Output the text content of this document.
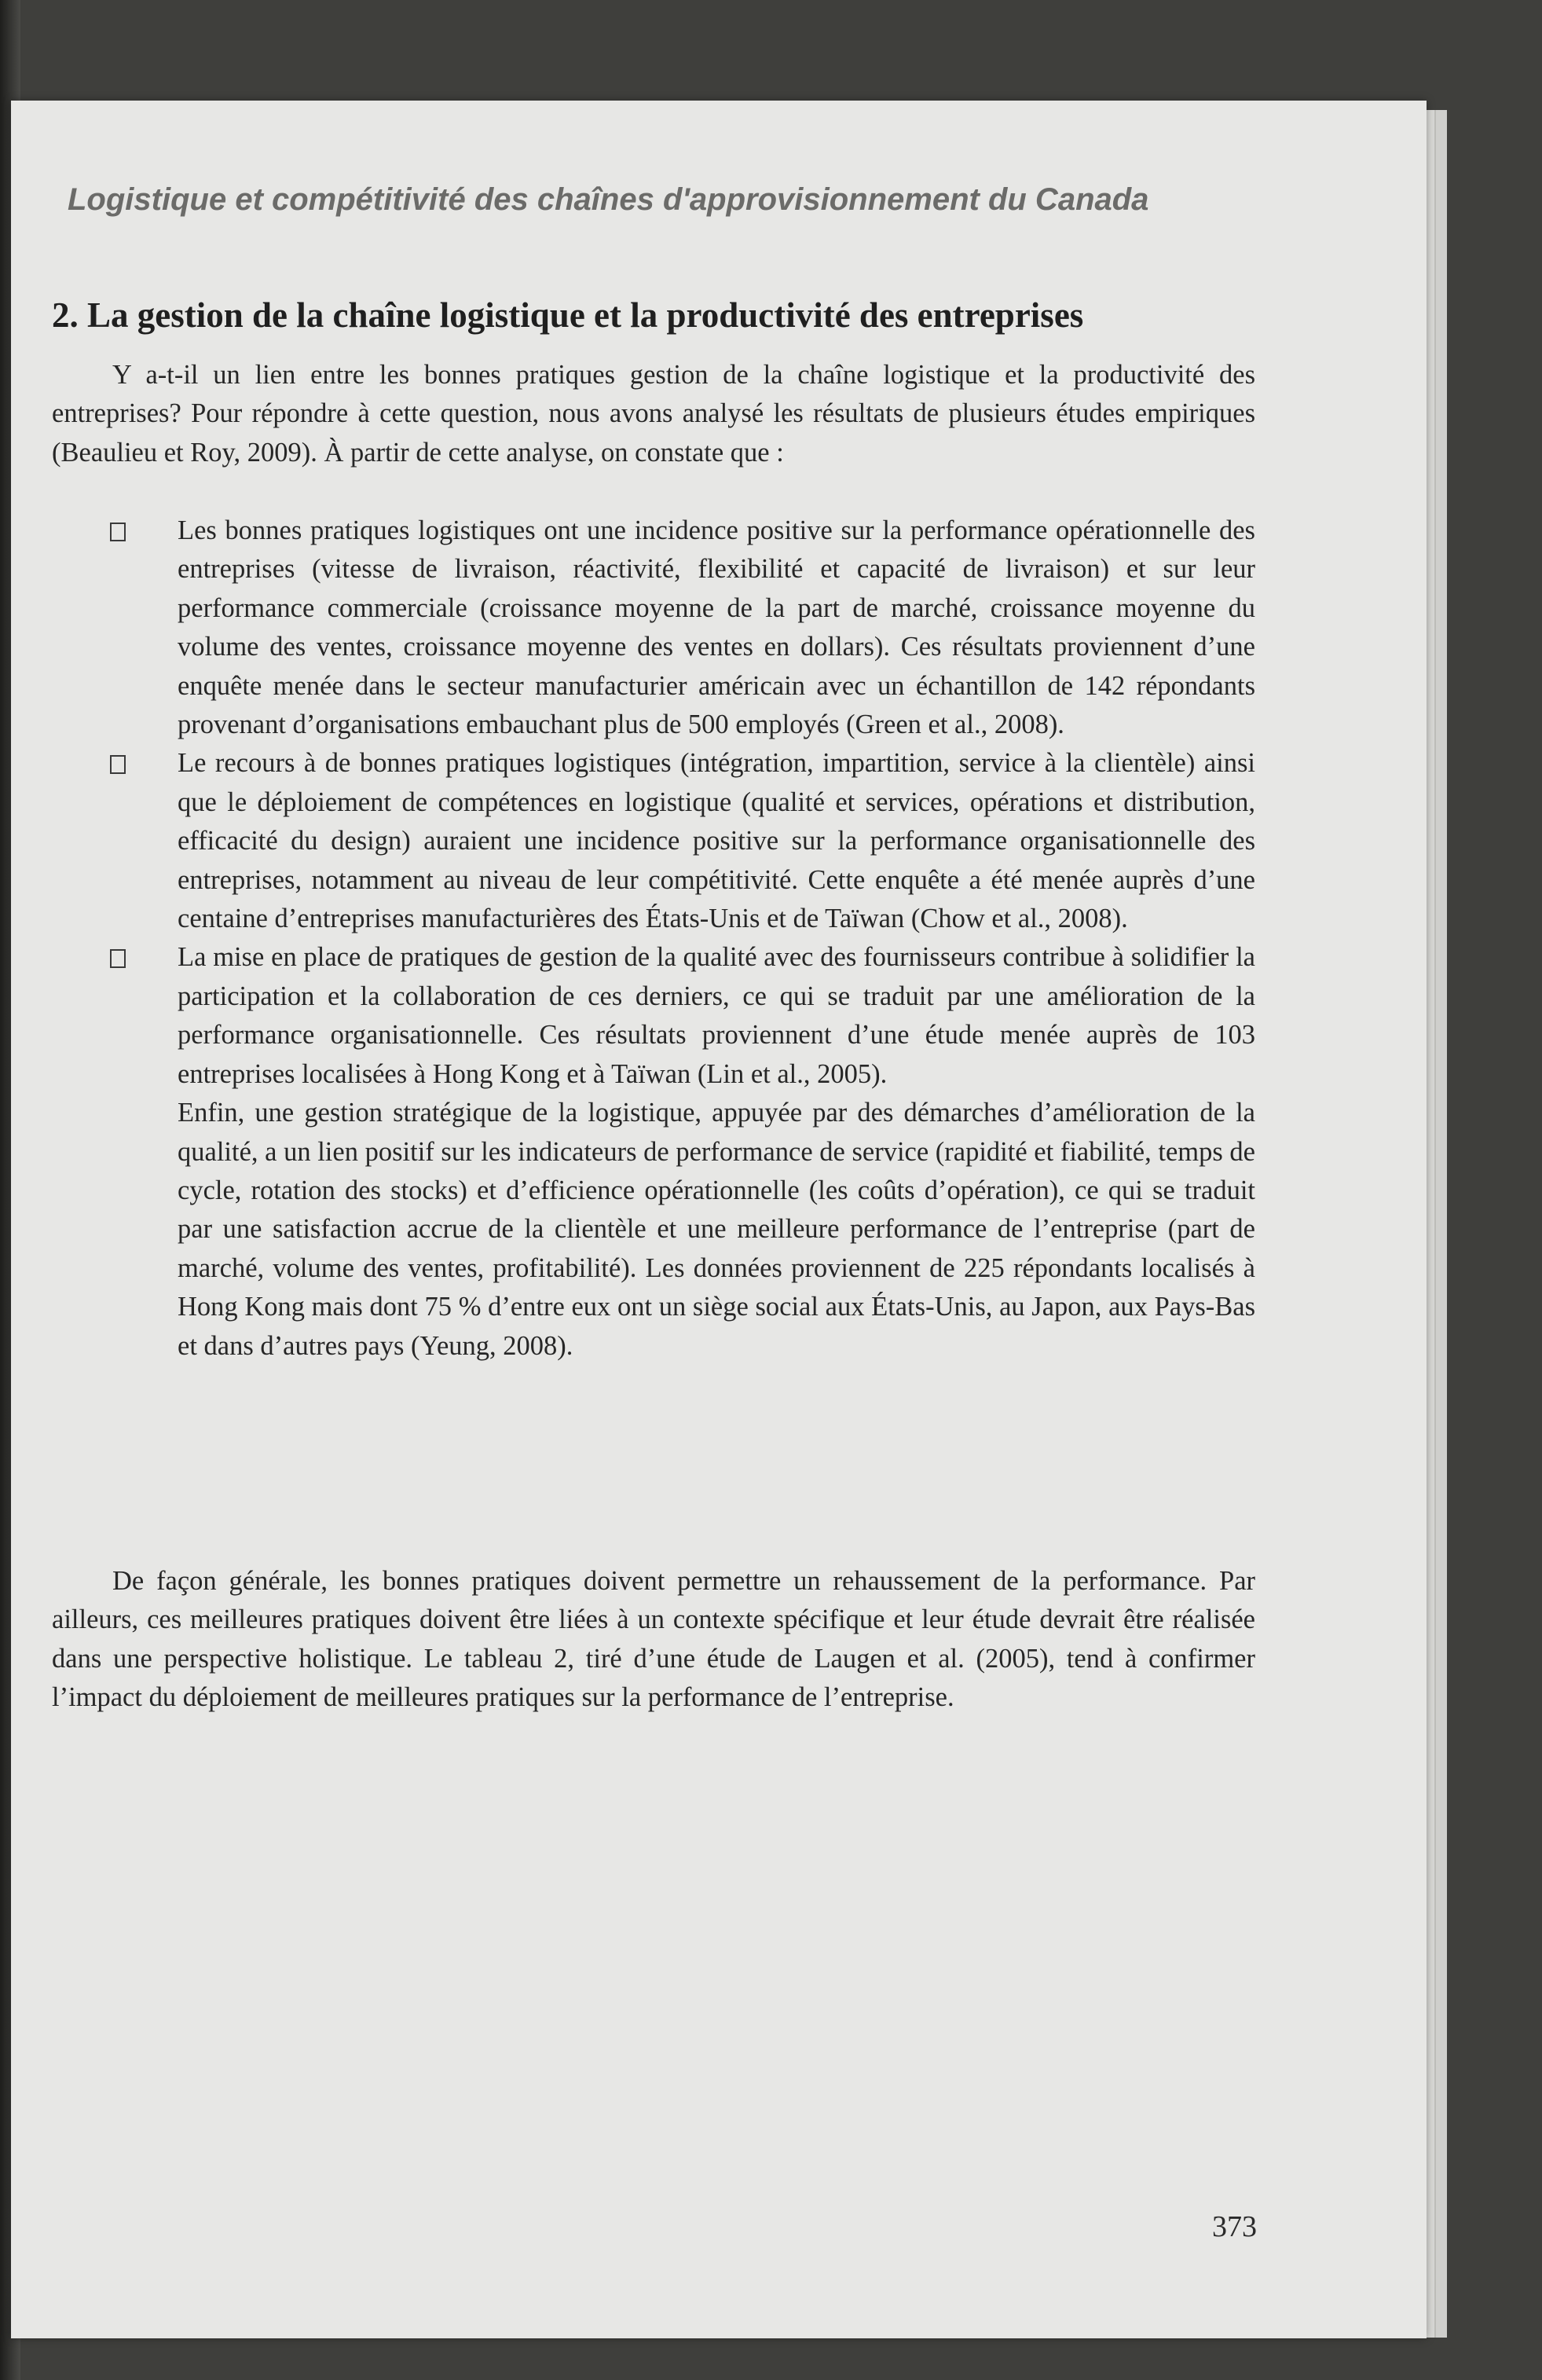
Logistique et compétitivité des chaînes d'approvisionnement du Canada
2. La gestion de la chaîne logistique et la productivité des entreprises

Y a-t-il un lien entre les bonnes pratiques gestion de la chaîne logistique et la productivité des entreprises? Pour répondre à cette question, nous avons analysé les résultats de plusieurs études empiriques (Beaulieu et Roy, 2009). À partir de cette analyse, on constate que :

Les bonnes pratiques logistiques ont une incidence positive sur la performance opérationnelle des entreprises (vitesse de livraison, réactivité, flexibilité et capacité de livraison) et sur leur performance commerciale (croissance moyenne de la part de marché, croissance moyenne du volume des ventes, croissance moyenne des ventes en dollars). Ces résultats proviennent d’une enquête menée dans le secteur manufacturier américain avec un échantillon de 142 répondants provenant d’organisations embauchant plus de 500 employés (Green et al., 2008).

Le recours à de bonnes pratiques logistiques (intégration, impartition, service à la clientèle) ainsi que le déploiement de compétences en logistique (qualité et services, opérations et distribution, efficacité du design) auraient une incidence positive sur la performance organisationnelle des entreprises, notamment au niveau de leur compétitivité. Cette enquête a été menée auprès d’une centaine d’entreprises manufacturières des États-Unis et de Taïwan (Chow et al., 2008).

La mise en place de pratiques de gestion de la qualité avec des fournisseurs contribue à solidifier la participation et la collaboration de ces derniers, ce qui se traduit par une amélioration de la performance organisationnelle. Ces résultats proviennent d’une étude menée auprès de 103 entreprises localisées à Hong Kong et à Taïwan (Lin et al., 2005).

Enfin, une gestion stratégique de la logistique, appuyée par des démarches d’amélioration de la qualité, a un lien positif sur les indicateurs de performance de service (rapidité et fiabilité, temps de cycle, rotation des stocks) et d’efficience opérationnelle (les coûts d’opération), ce qui se traduit par une satisfaction accrue de la clientèle et une meilleure performance de l’entreprise (part de marché, volume des ventes, profitabilité). Les données proviennent de 225 répondants localisés à Hong Kong mais dont 75 % d’entre eux ont un siège social aux États-Unis, au Japon, aux Pays-Bas et dans d’autres pays (Yeung, 2008).

De façon générale, les bonnes pratiques doivent permettre un rehaussement de la performance. Par ailleurs, ces meilleures pratiques doivent être liées à un contexte spécifique et leur étude devrait être réalisée dans une perspective holistique. Le tableau 2, tiré d’une étude de Laugen et al. (2005), tend à confirmer l’impact du déploiement de meilleures pratiques sur la performance de l’entreprise.

373
